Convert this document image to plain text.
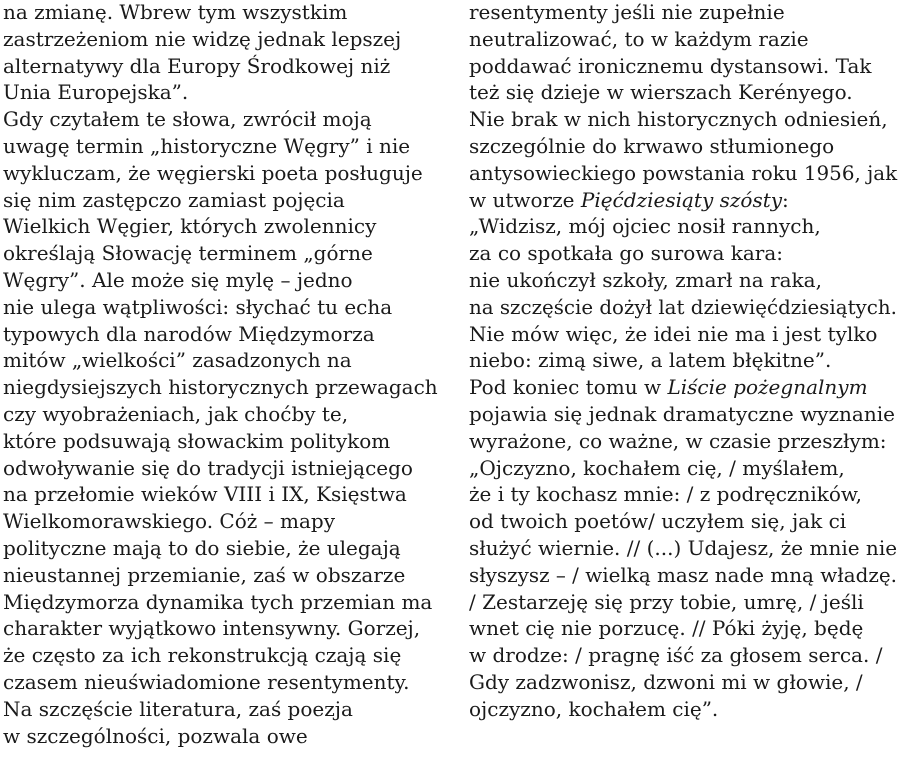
na zmianę. Wbrew tym wszystkim
zastrzeżeniom nie widzę jednak lepszej
alternatywy dla Europy Środkowej niż
Unia Europejska”.
Gdy czytałem te słowa, zwrócił moją
uwagę termin „historyczne Węgry” i nie
wykluczam, że węgierski poeta posługuje
się nim zastępczo zamiast pojęcia
Wielkich Węgier, których zwolennicy
określają Słowację terminem „górne
Węgry”. Ale może się mylę – jedno
nie ulega wątpliwości: słychać tu echa
typowych dla narodów Międzymorza
mitów „wielkości” zasadzonych na
niegdysiejszych historycznych przewagach
czy wyobrażeniach, jak choćby te,
które podsuwają słowackim politykom
odwoływanie się do tradycji istniejącego
na przełomie wieków VIII i IX, Księstwa
Wielkomorawskiego. Cóż – mapy
polityczne mają to do siebie, że ulegają
nieustannej przemianie, zaś w obszarze
Międzymorza dynamika tych przemian ma
charakter wyjątkowo intensywny. Gorzej,
że często za ich rekonstrukcją czają się
czasem nieuświadomione resentymenty.
Na szczęście literatura, zaś poezja
w szczególności, pozwala owe
resentymenty jeśli nie zupełnie
neutralizować, to w każdym razie
poddawać ironicznemu dystansowi. Tak
też się dzieje w wierszach Kerényego.
Nie brak w nich historycznych odniesień,
szczególnie do krwawo stłumionego
antysowieckiego powstania roku 1956, jak
w utworze Pięćdziesiąty szósty:
„Widzisz, mój ojciec nosił rannych,
za co spotkała go surowa kara:
nie ukończył szkoły, zmarł na raka,
na szczęście dożył lat dziewięćdziesiątych.
Nie mów więc, że idei nie ma i jest tylko
niebo: zimą siwe, a latem błękitne”.
Pod koniec tomu w Liście pożegnalnym
pojawia się jednak dramatyczne wyznanie
wyrażone, co ważne, w czasie przeszłym:
„Ojczyzno, kochałem cię, / myślałem,
że i ty kochasz mnie: / z podręczników,
od twoich poetów/ uczyłem się, jak ci
służyć wiernie. // (...) Udajesz, że mnie nie
słyszysz – / wielką masz nade mną władzę.
/ Zestarzeję się przy tobie, umrę, / jeśli
wnet cię nie porzucę. // Póki żyję, będę
w drodze: / pragnę iść za głosem serca. /
Gdy zadzwonisz, dzwoni mi w głowie, /
ojczyzno, kochałem cię”.
